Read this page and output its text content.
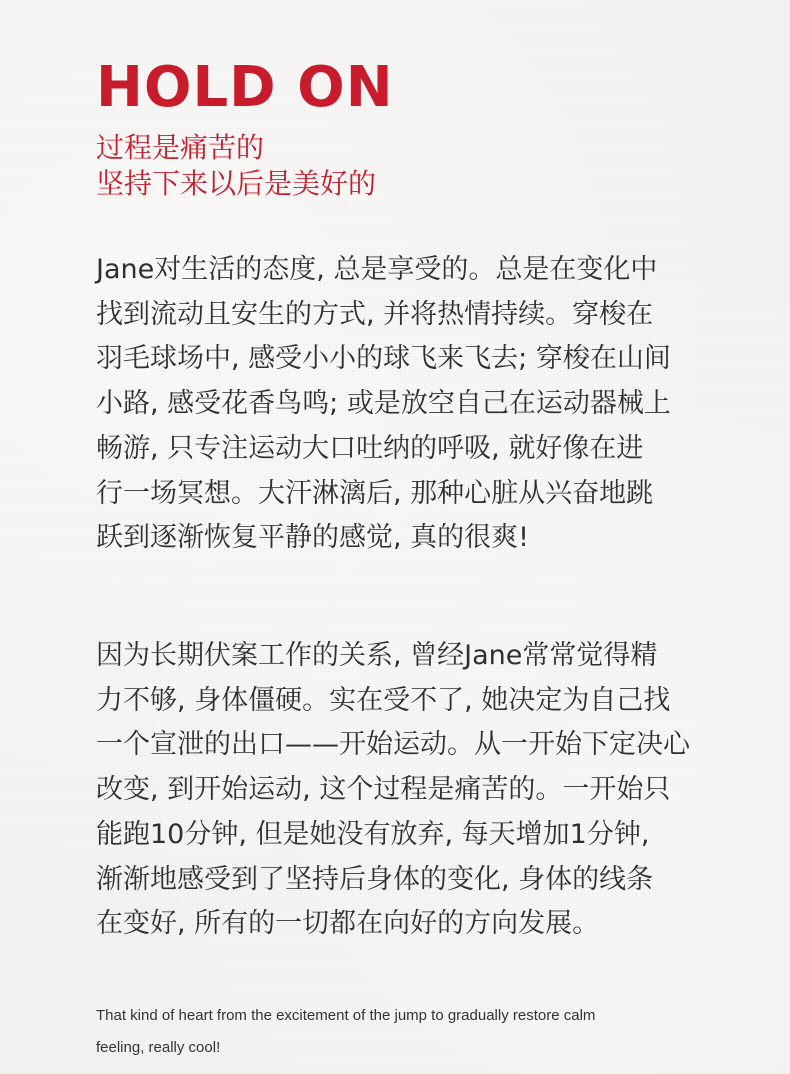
HOLD ON
过程是痛苦的
坚持下来以后是美好的
Jane对生活的态度, 总是享受的。总是在变化中
找到流动且安生的方式, 并将热情持续。穿梭在
羽毛球场中, 感受小小的球飞来飞去; 穿梭在山间
小路, 感受花香鸟鸣; 或是放空自己在运动器械上
畅游, 只专注运动大口吐纳的呼吸, 就好像在进
行一场冥想。大汗淋漓后, 那种心脏从兴奋地跳
跃到逐渐恢复平静的感觉, 真的很爽!
因为长期伏案工作的关系, 曾经Jane常常觉得精
力不够, 身体僵硬。实在受不了, 她决定为自己找
一个宣泄的出口——开始运动。从一开始下定决心
改变, 到开始运动, 这个过程是痛苦的。一开始只
能跑10分钟, 但是她没有放弃, 每天增加1分钟,
渐渐地感受到了坚持后身体的变化, 身体的线条
在变好, 所有的一切都在向好的方向发展。
That kind of heart from the excitement of the jump to gradually restore calm
feeling, really cool!
